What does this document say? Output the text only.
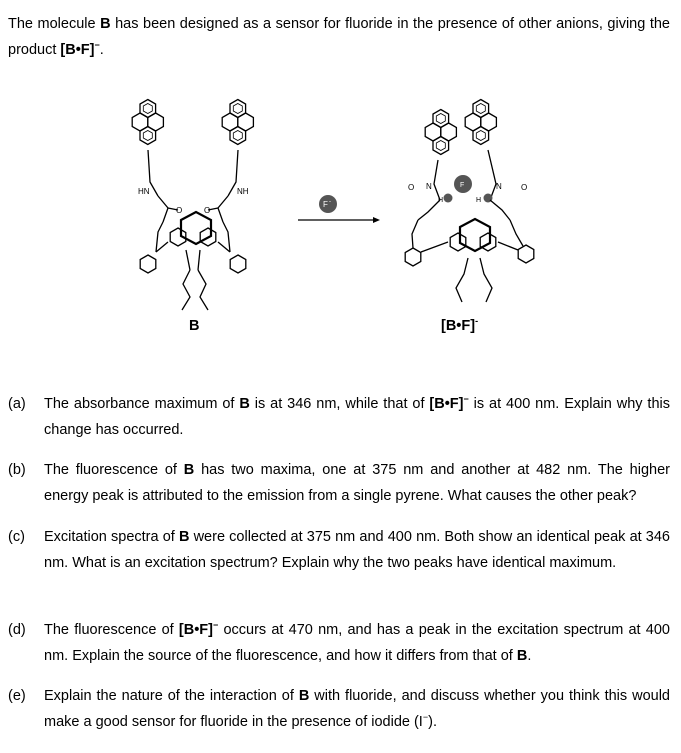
The molecule B has been designed as a sensor for fluoride in the presence of other anions, giving the product [B•F]−.
HN	NH
O	O
F -
O N	F
H
N
H
O
B	[B•F]-
(a)	The absorbance maximum of B is at 346 nm, while that of [B•F]− is at 400 nm. Explain why this change has occurred.
(b)	The fluorescence of B has two maxima, one at 375 nm and another at 482 nm. The higher energy peak is attributed to the emission from a single pyrene. What causes the other peak?
(c)	Excitation spectra of B were collected at 375 nm and 400 nm. Both show an identical peak at 346 nm. What is an excitation spectrum? Explain why the two peaks have identical maximum.
(d)	The fluorescence of [B•F]− occurs at 470 nm, and has a peak in the excitation spectrum at 400 nm. Explain the source of the fluorescence, and how it differs from that of B.
(e)	Explain the nature of the interaction of B with fluoride, and discuss whether you think this would make a good sensor for fluoride in the presence of iodide (I−).
